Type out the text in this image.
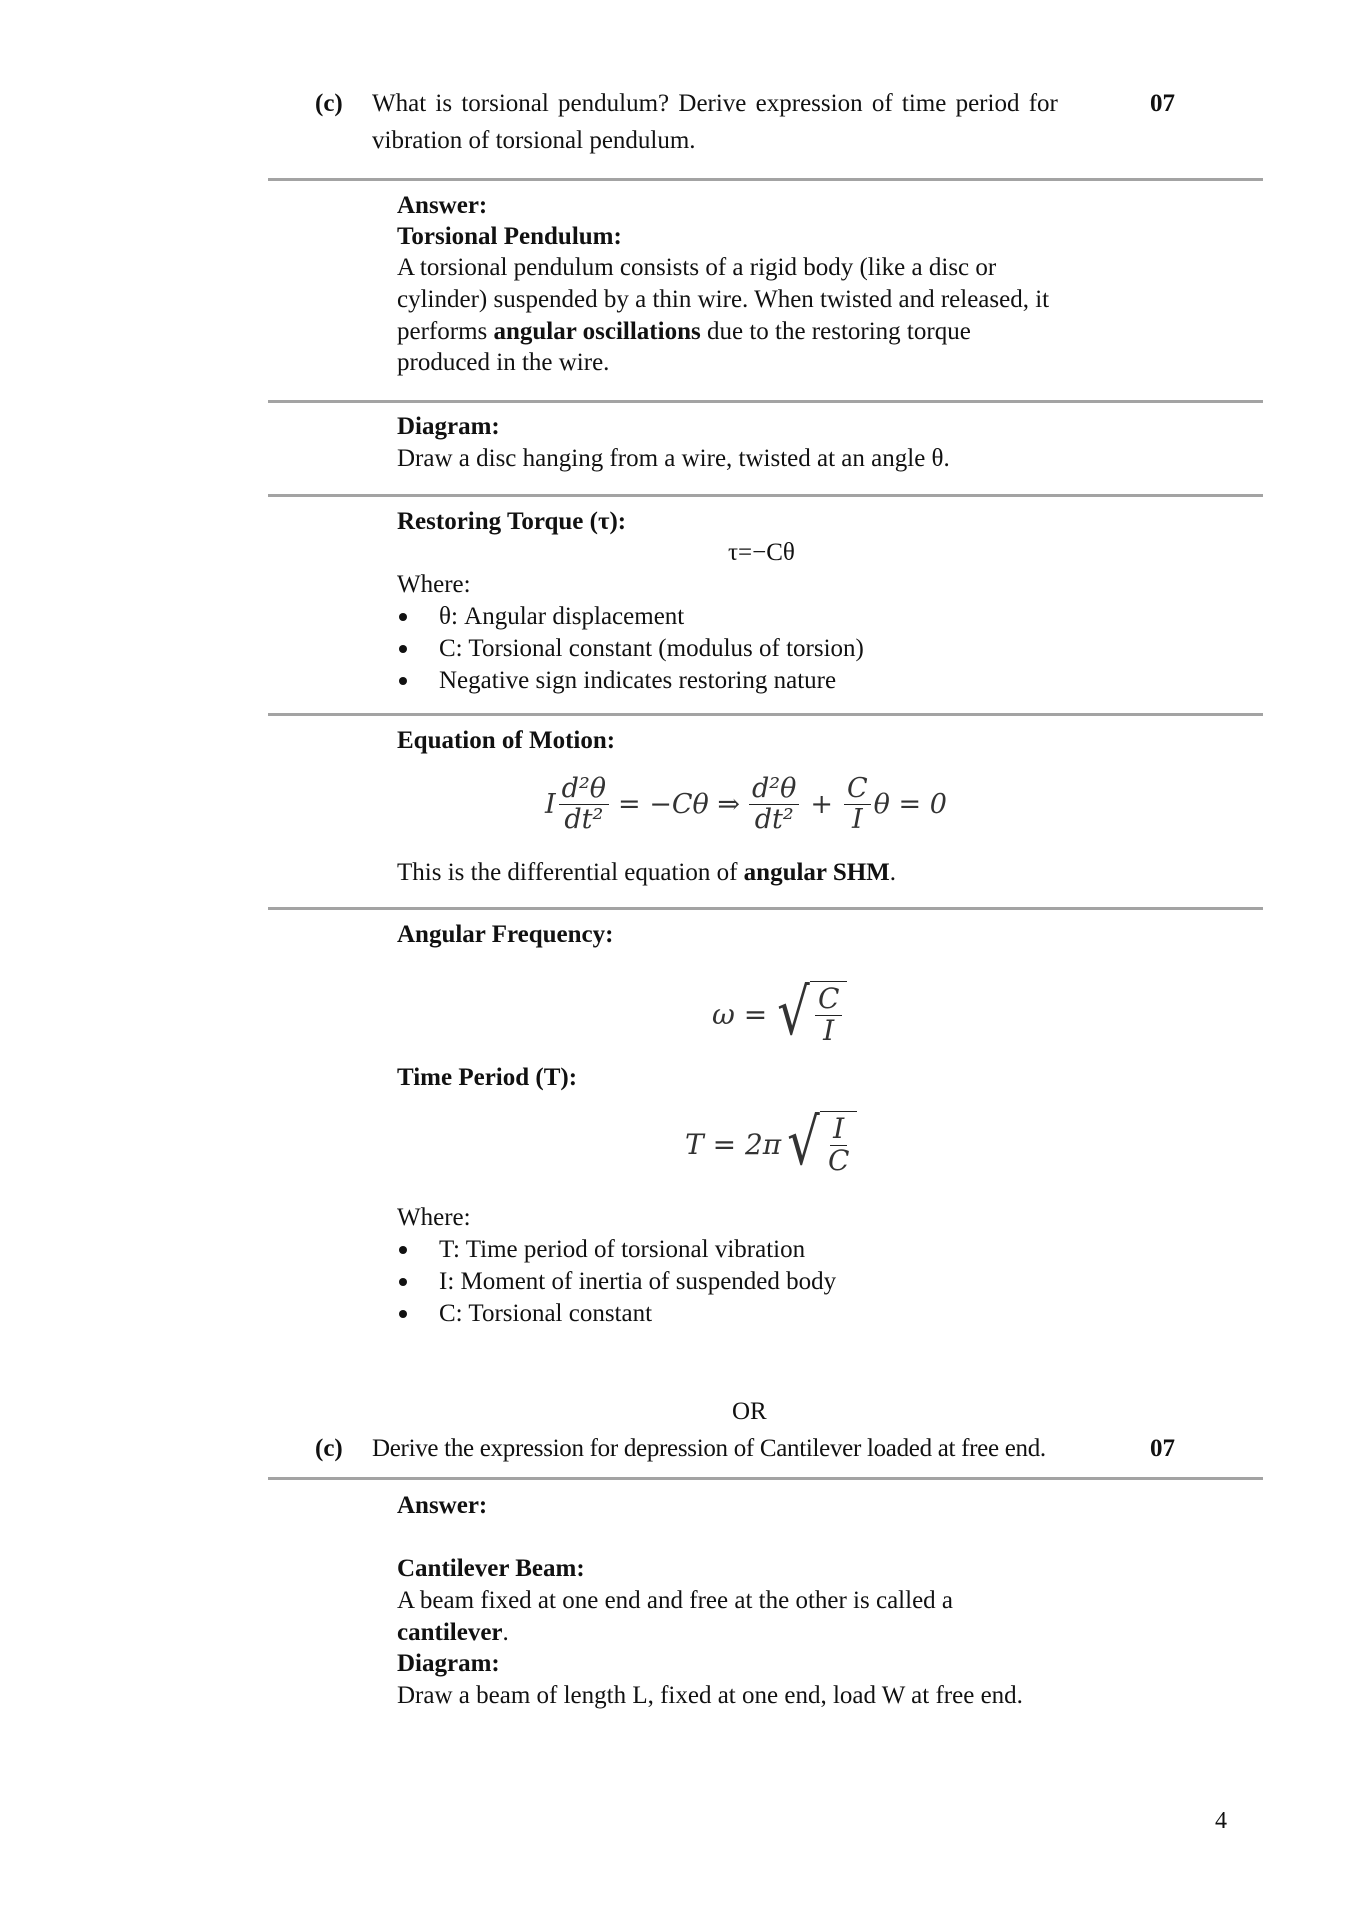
(c) What is torsional pendulum? Derive expression of time period for
vibration of torsional pendulum.
07
Answer:
Torsional Pendulum:
A torsional pendulum consists of a rigid body (like a disc or
cylinder) suspended by a thin wire. When twisted and released, it
performs angular oscillations due to the restoring torque
produced in the wire.
Diagram:
Draw a disc hanging from a wire, twisted at an angle θ.
Restoring Torque (τ):
τ=−Cθ
Where:
θ: Angular displacement
C: Torsional constant (modulus of torsion)
Negative sign indicates restoring nature
Equation of Motion:
I $\frac{\text{d²θ}}{\text{dt²}} = -C\theta$ ⇒ $\frac{\text{d²θ}}{\text{dt²}} + \frac{C}{I}$ θ = 0
This is the differential equation of angular SHM.
Angular Frequency:
ω = √ $\frac{C}{I}$
Time Period (T):
T = 2π √ $\frac{I}{C}$
Where:
T: Time period of torsional vibration
I: Moment of inertia of suspended body
C: Torsional constant
OR
(c) Derive the expression for depression of Cantilever loaded at free end.	07
Answer:
Cantilever Beam:
A beam fixed at one end and free at the other is called a
cantilever.
Diagram:
Draw a beam of length L, fixed at one end, load W at free end.
4
